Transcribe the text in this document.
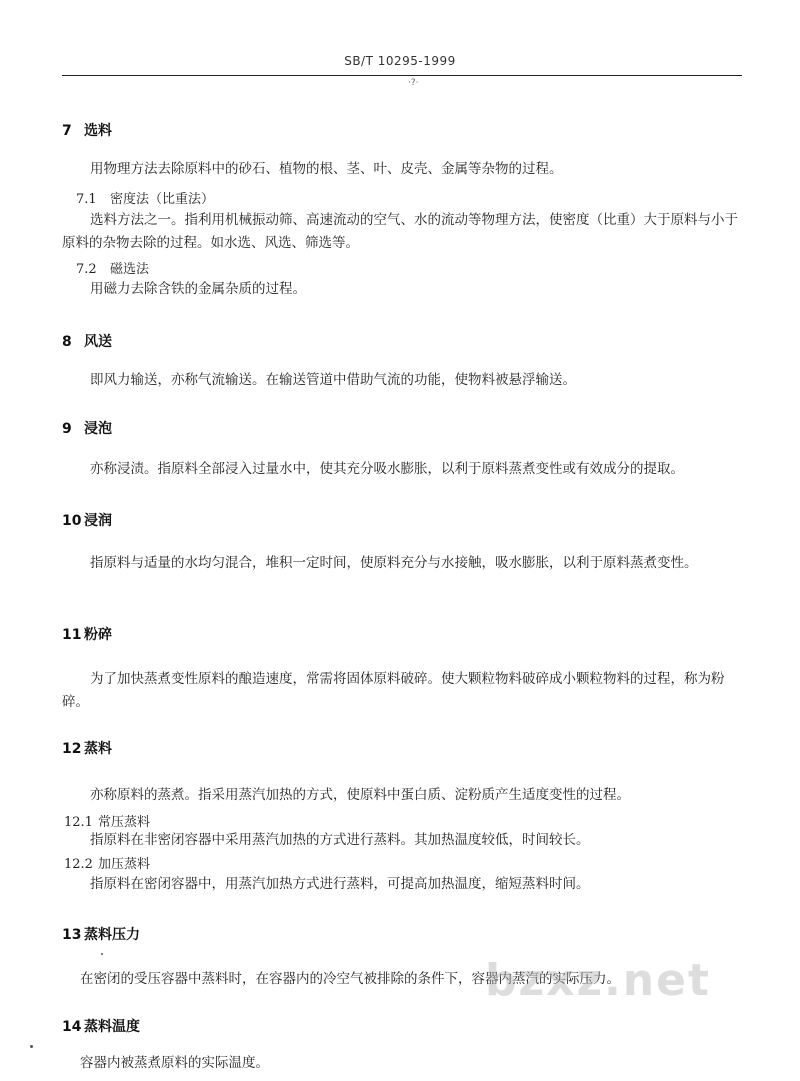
SB/T 10295-1999
·?·
7 选料

用物理方法去除原料中的砂石、植物的根、茎、叶、皮壳、金属等杂物的过程。

7.1 密度法（比重法）

选料方法之一。指利用机械振动筛、高速流动的空气、水的流动等物理方法，使密度（比重）大于原料与小于原料的杂物去除的过程。如水选、风选、筛选等。

7.2 磁选法

用磁力去除含铁的金属杂质的过程。

8 风送

即风力输送，亦称气流输送。在输送管道中借助气流的功能，使物料被悬浮输送。

9 浸泡

亦称浸渍。指原料全部浸入过量水中，使其充分吸水膨胀，以利于原料蒸煮变性或有效成分的提取。

10 浸润

指原料与适量的水均匀混合，堆积一定时间，使原料充分与水接触，吸水膨胀，以利于原料蒸煮变性。

11 粉碎

为了加快蒸煮变性原料的酿造速度，常需将固体原料破碎。使大颗粒物料破碎成小颗粒物料的过程，称为粉碎。

12 蒸料

亦称原料的蒸煮。指采用蒸汽加热的方式，使原料中蛋白质、淀粉质产生适度变性的过程。

12.1 常压蒸料

指原料在非密闭容器中采用蒸汽加热的方式进行蒸料。其加热温度较低，时间较长。

12.2 加压蒸料

指原料在密闭容器中，用蒸汽加热方式进行蒸料，可提高加热温度，缩短蒸料时间。

13 蒸料压力

在密闭的受压容器中蒸料时，在容器内的冷空气被排除的条件下，容器内蒸汽的实际压力。

14 蒸料温度

容器内被蒸煮原料的实际温度。

bzxz.net
